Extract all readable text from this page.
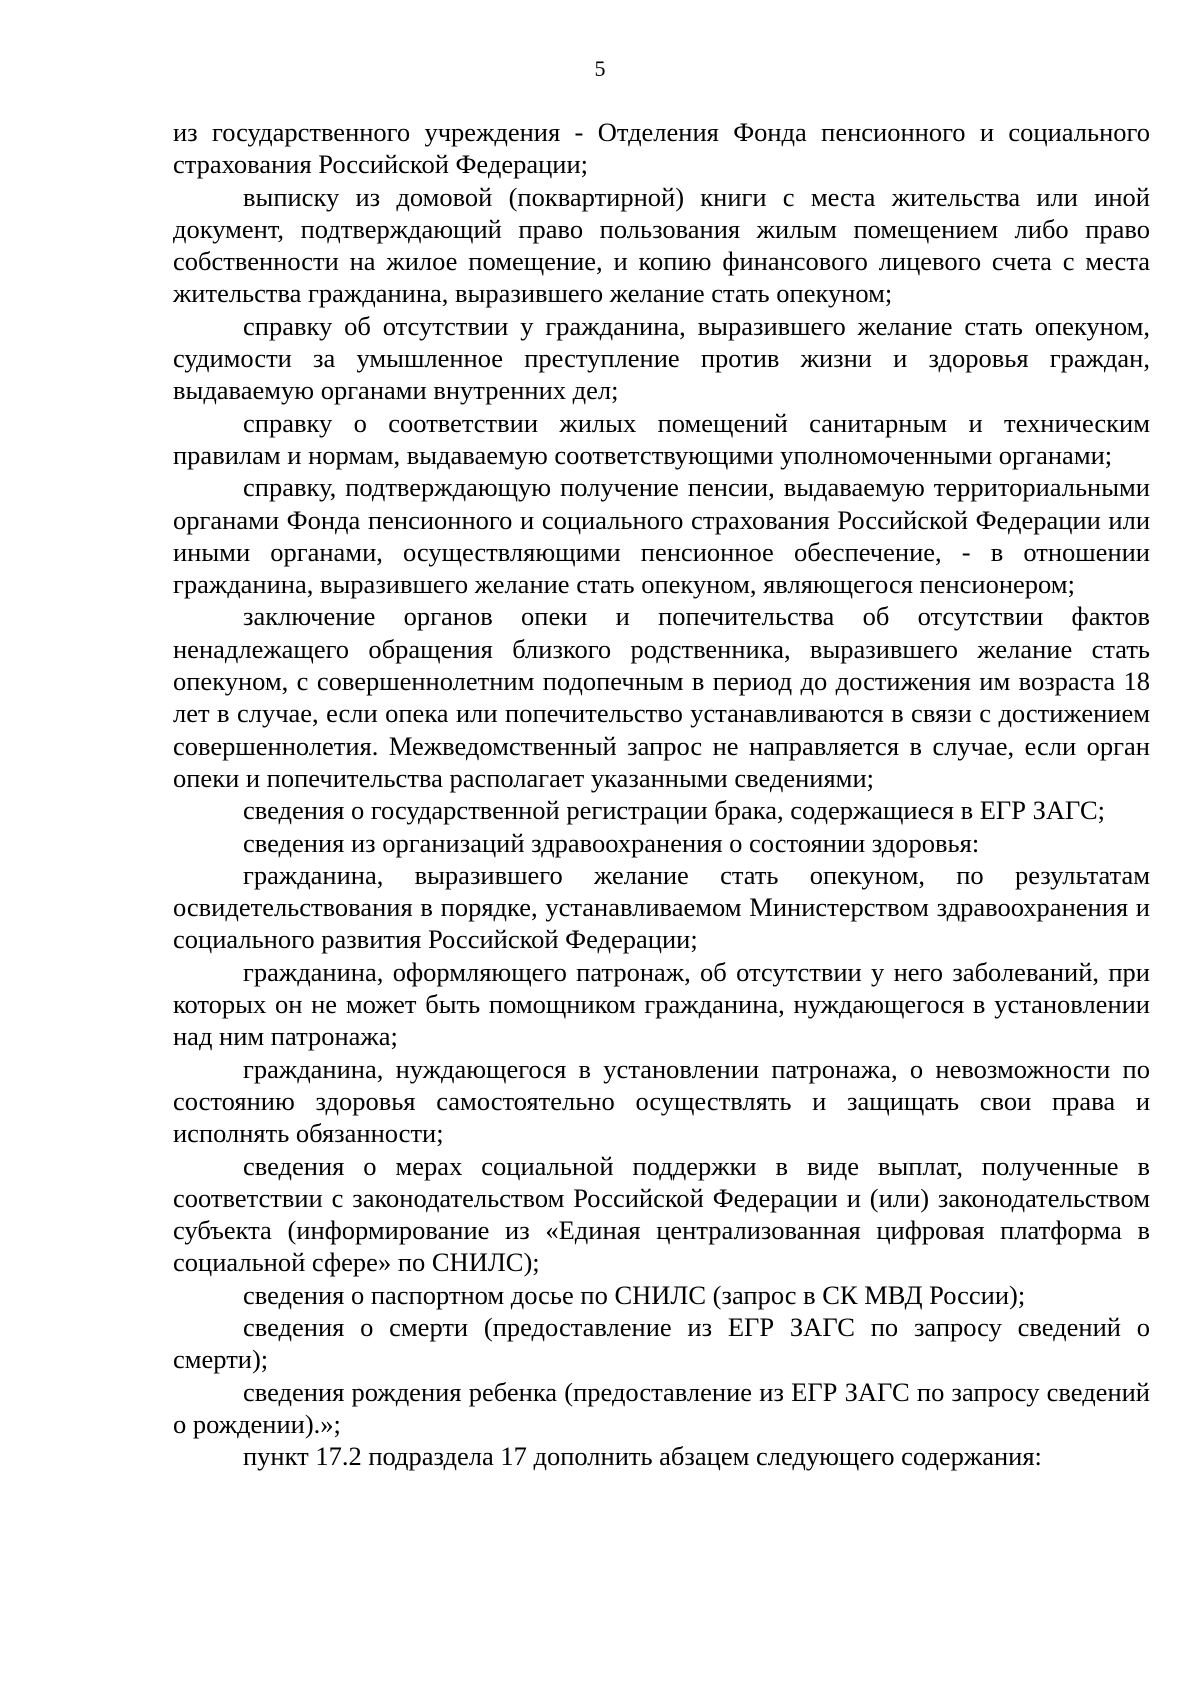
5

из государственного учреждения - Отделения Фонда пенсионного и социального страхования Российской Федерации;

выписку из домовой (поквартирной) книги с места жительства или иной документ, подтверждающий право пользования жилым помещением либо право собственности на жилое помещение, и копию финансового лицевого счета с места жительства гражданина, выразившего желание стать опекуном;

справку об отсутствии у гражданина, выразившего желание стать опекуном, судимости за умышленное преступление против жизни и здоровья граждан, выдаваемую органами внутренних дел;

справку о соответствии жилых помещений санитарным и техническим правилам и нормам, выдаваемую соответствующими уполномоченными органами;

справку, подтверждающую получение пенсии, выдаваемую территориальными органами Фонда пенсионного и социального страхования Российской Федерации или иными органами, осуществляющими пенсионное обеспечение, - в отношении гражданина, выразившего желание стать опекуном, являющегося пенсионером;

заключение органов опеки и попечительства об отсутствии фактов ненадлежащего обращения близкого родственника, выразившего желание стать опекуном, с совершеннолетним подопечным в период до достижения им возраста 18 лет в случае, если опека или попечительство устанавливаются в связи с достижением совершеннолетия. Межведомственный запрос не направляется в случае, если орган опеки и попечительства располагает указанными сведениями;

сведения о государственной регистрации брака, содержащиеся в ЕГР ЗАГС;

сведения из организаций здравоохранения о состоянии здоровья:

гражданина, выразившего желание стать опекуном, по результатам освидетельствования в порядке, устанавливаемом Министерством здравоохранения и социального развития Российской Федерации;

гражданина, оформляющего патронаж, об отсутствии у него заболеваний, при которых он не может быть помощником гражданина, нуждающегося в установлении над ним патронажа;

гражданина, нуждающегося в установлении патронажа, о невозможности по состоянию здоровья самостоятельно осуществлять и защищать свои права и исполнять обязанности;

сведения о мерах социальной поддержки в виде выплат, полученные в соответствии с законодательством Российской Федерации и (или) законодательством субъекта (информирование из «Единая централизованная цифровая платформа в социальной сфере» по СНИЛС);

сведения о паспортном досье по СНИЛС (запрос в СК МВД России);

сведения о смерти (предоставление из ЕГР ЗАГС по запросу сведений о смерти);

сведения рождения ребенка (предоставление из ЕГР ЗАГС по запросу сведений о рождении).»;

пункт 17.2 подраздела 17 дополнить абзацем следующего содержания:
